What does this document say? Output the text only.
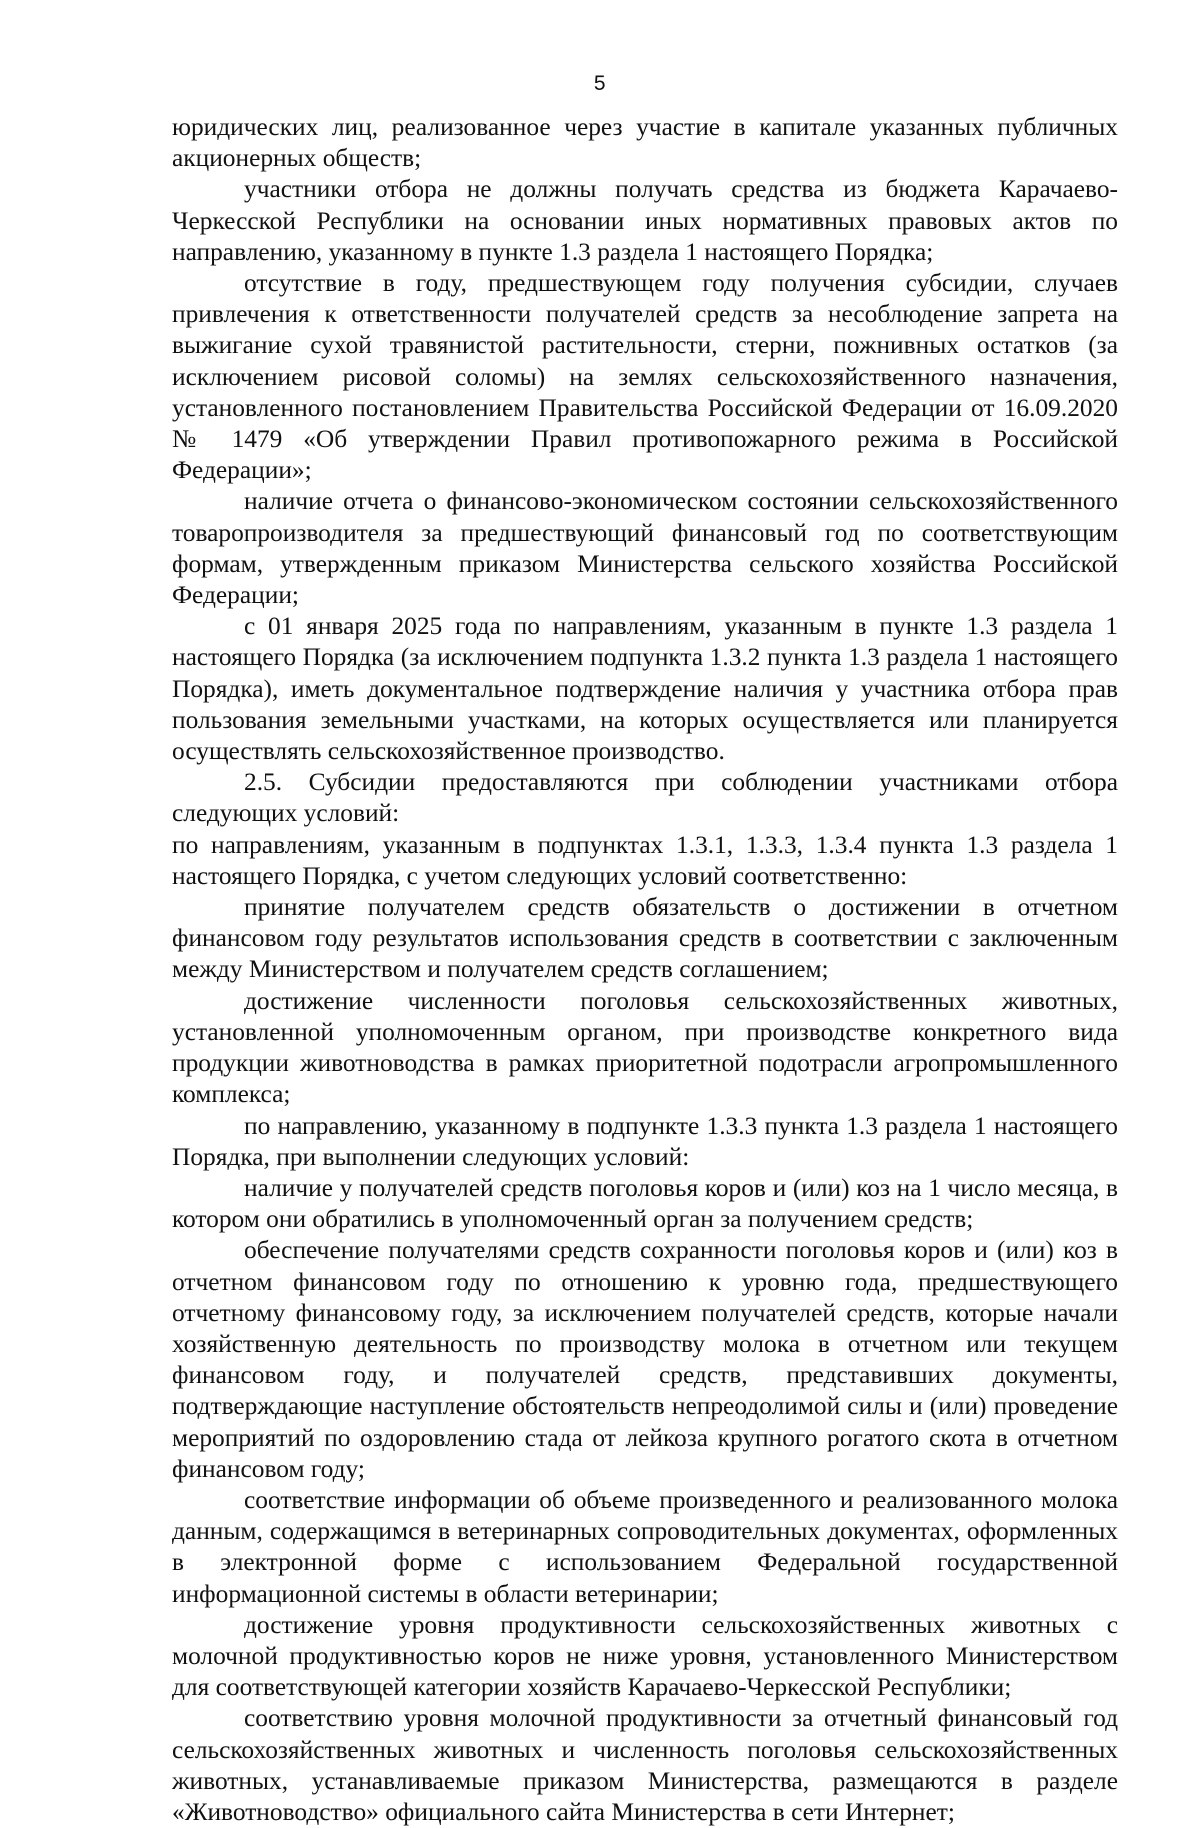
5

юридических лиц, реализованное через участие в капитале указанных публичных акционерных обществ;

участники отбора не должны получать средства из бюджета Карачаево-Черкесской Республики на основании иных нормативных правовых актов по направлению, указанному в пункте 1.3 раздела 1 настоящего Порядка;

отсутствие в году, предшествующем году получения субсидии, случаев привлечения к ответственности получателей средств за несоблюдение запрета на выжигание сухой травянистой растительности, стерни, пожнивных остатков (за исключением рисовой соломы) на землях сельскохозяйственного назначения, установленного постановлением Правительства Российской Федерации от 16.09.2020 № 1479 «Об утверждении Правил противопожарного режима в Российской Федерации»;

наличие отчета о финансово-экономическом состоянии сельскохозяйственного товаропроизводителя за предшествующий финансовый год по соответствующим формам, утвержденным приказом Министерства сельского хозяйства Российской Федерации;

с 01 января 2025 года по направлениям, указанным в пункте 1.3 раздела 1 настоящего Порядка (за исключением подпункта 1.3.2 пункта 1.3 раздела 1 настоящего Порядка), иметь документальное подтверждение наличия у участника отбора прав пользования земельными участками, на которых осуществляется или планируется осуществлять сельскохозяйственное производство.

2.5. Субсидии предоставляются при соблюдении участниками отбора следующих условий:

по направлениям, указанным в подпунктах 1.3.1, 1.3.3, 1.3.4 пункта 1.3 раздела 1 настоящего Порядка, с учетом следующих условий соответственно:

принятие получателем средств обязательств о достижении в отчетном финансовом году результатов использования средств в соответствии с заключенным между Министерством и получателем средств соглашением;

достижение численности поголовья сельскохозяйственных животных, установленной уполномоченным органом, при производстве конкретного вида продукции животноводства в рамках приоритетной подотрасли агропромышленного комплекса;

по направлению, указанному в подпункте 1.3.3 пункта 1.3 раздела 1 настоящего Порядка, при выполнении следующих условий:

наличие у получателей средств поголовья коров и (или) коз на 1 число месяца, в котором они обратились в уполномоченный орган за получением средств;

обеспечение получателями средств сохранности поголовья коров и (или) коз в отчетном финансовом году по отношению к уровню года, предшествующего отчетному финансовому году, за исключением получателей средств, которые начали хозяйственную деятельность по производству молока в отчетном или текущем финансовом году, и получателей средств, представивших документы, подтверждающие наступление обстоятельств непреодолимой силы и (или) проведение мероприятий по оздоровлению стада от лейкоза крупного рогатого скота в отчетном финансовом году;

соответствие информации об объеме произведенного и реализованного молока данным, содержащимся в ветеринарных сопроводительных документах, оформленных в электронной форме с использованием Федеральной государственной информационной системы в области ветеринарии;

достижение уровня продуктивности сельскохозяйственных животных с молочной продуктивностью коров не ниже уровня, установленного Министерством для соответствующей категории хозяйств Карачаево-Черкесской Республики;

соответствию уровня молочной продуктивности за отчетный финансовый год сельскохозяйственных животных и численность поголовья сельскохозяйственных животных, устанавливаемые приказом Министерства, размещаются в разделе «Животноводство» официального сайта Министерства в сети Интернет;
